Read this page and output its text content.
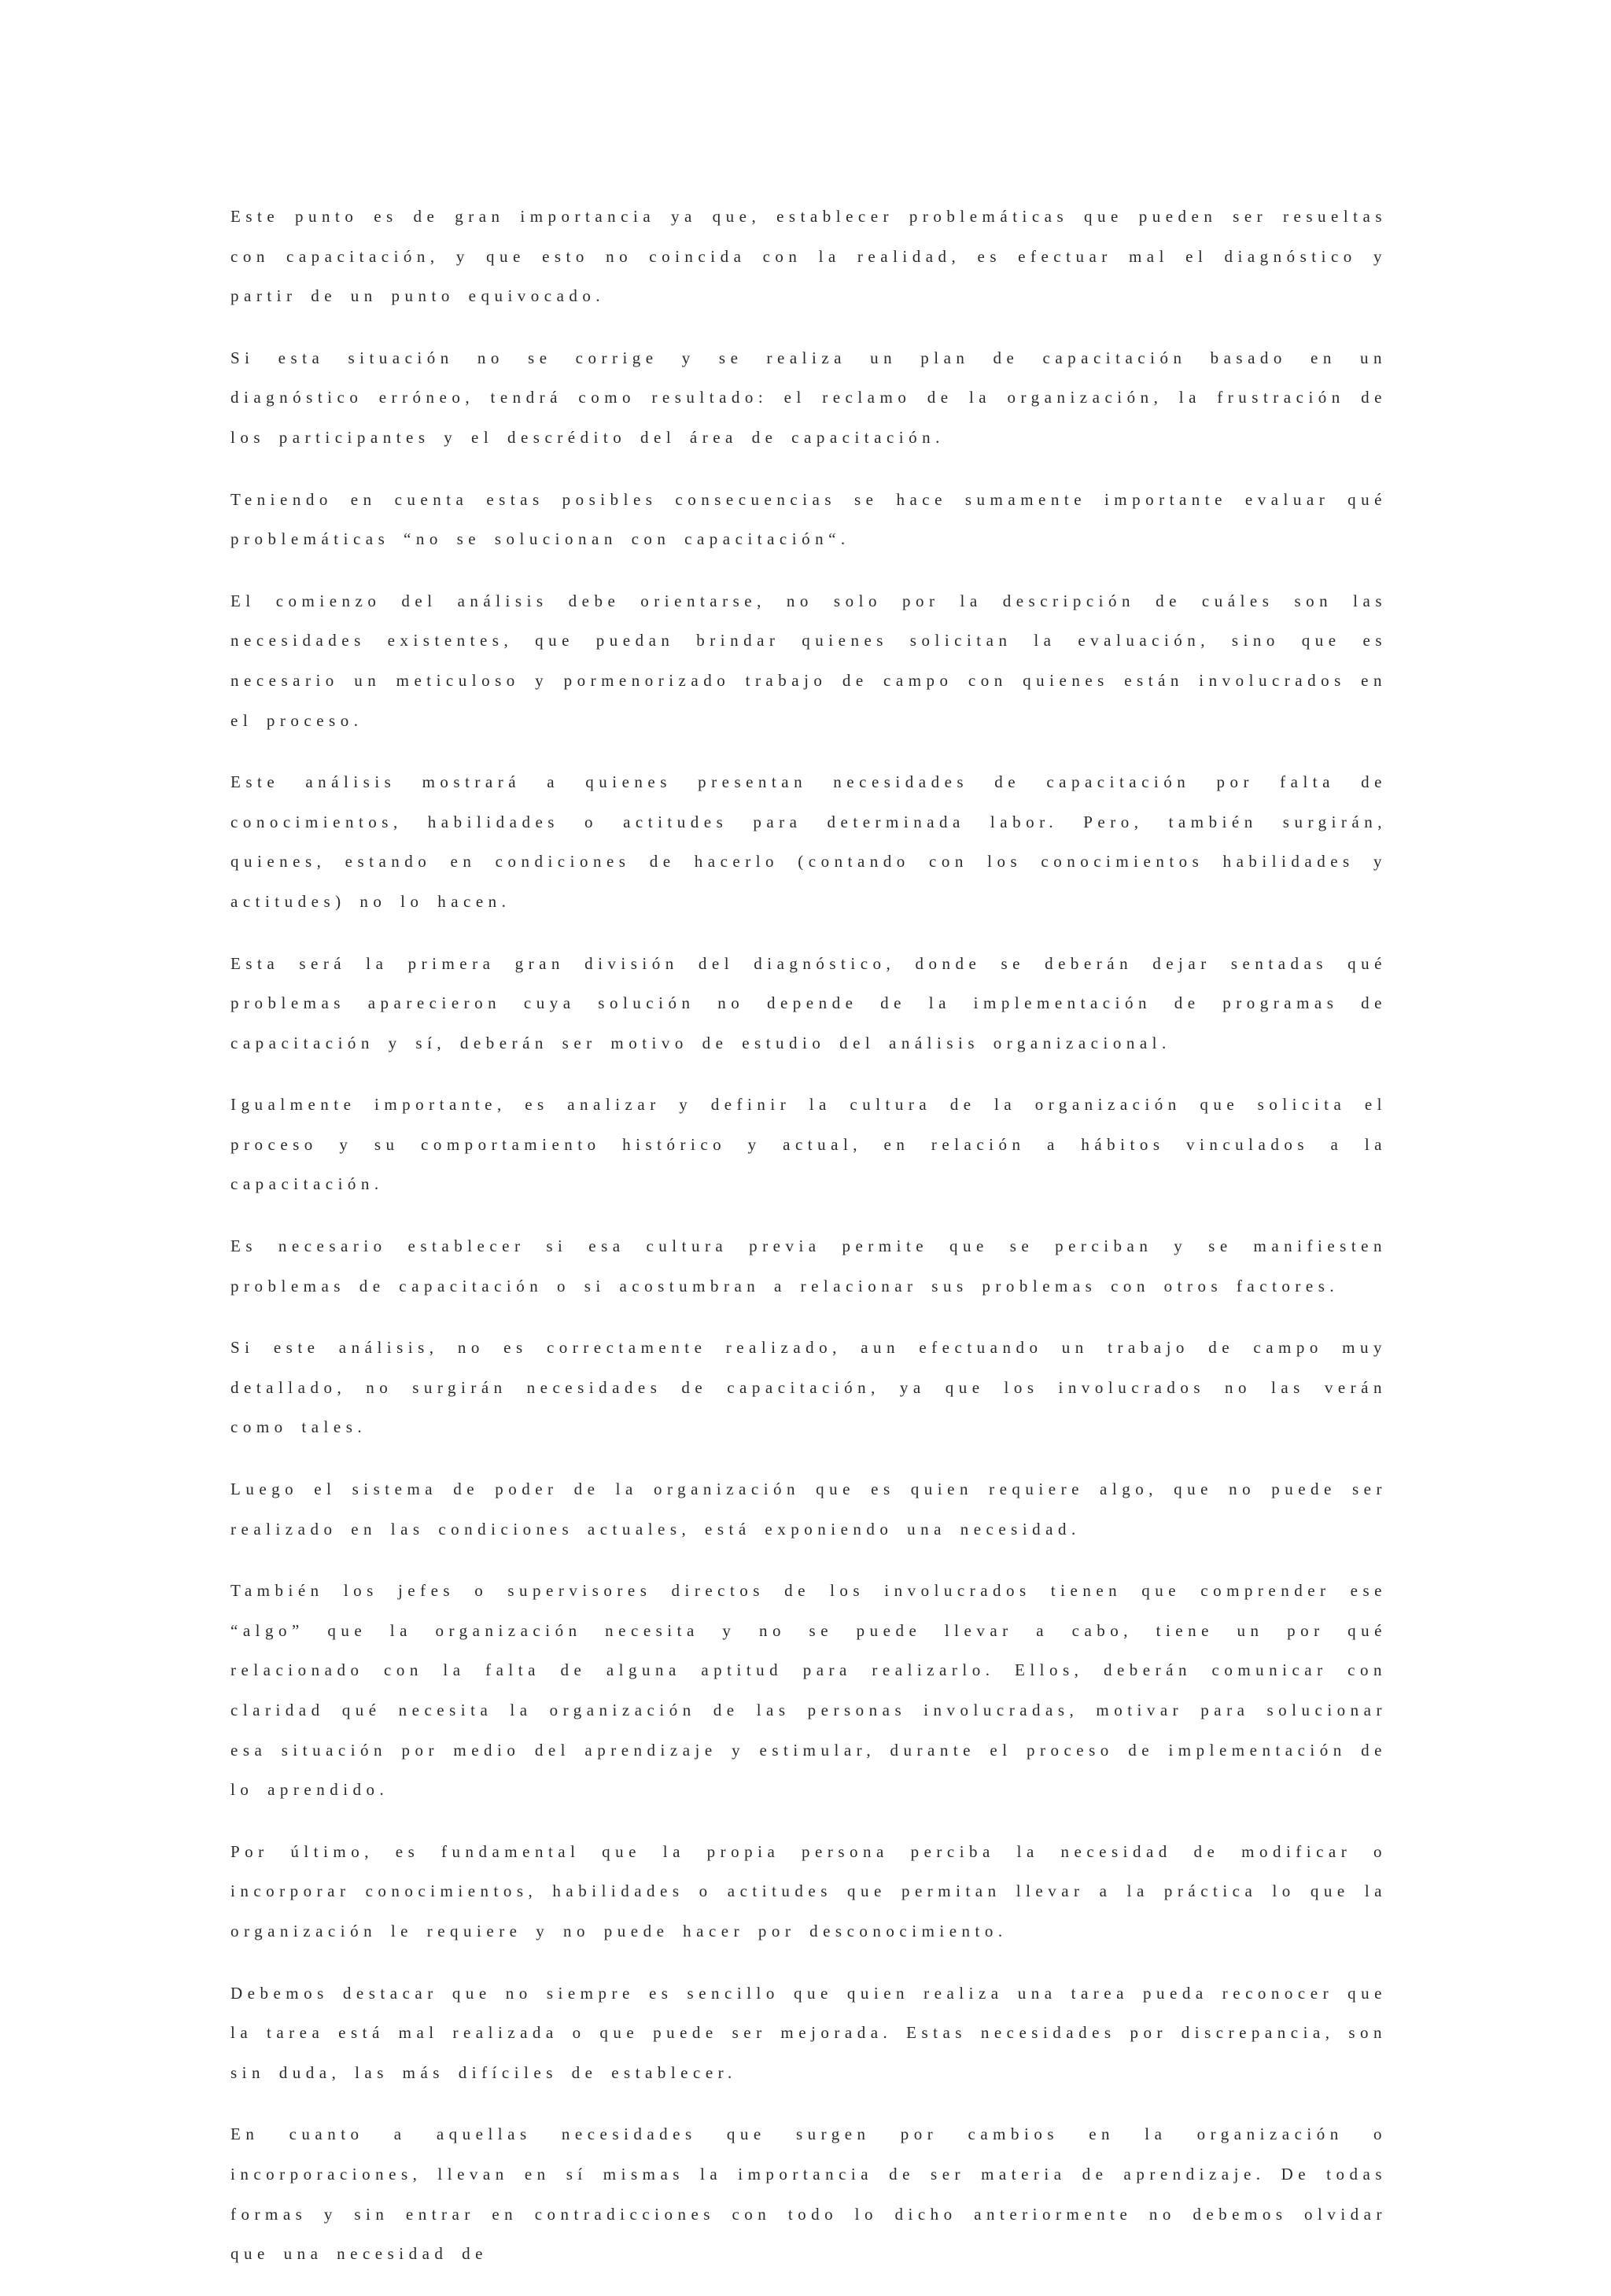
Este punto es de gran importancia ya que, establecer problemáticas que pueden ser resueltas con capacitación, y que esto no coincida con la realidad, es efectuar mal el diagnóstico y partir de un punto equivocado.

Si esta situación no se corrige y se realiza un plan de capacitación basado en un diagnóstico erróneo, tendrá como resultado: el reclamo de la organización, la frustración de los participantes y el descrédito del área de capacitación.

Teniendo en cuenta estas posibles consecuencias se hace sumamente importante evaluar qué problemáticas “no se solucionan con capacitación“.

El comienzo del análisis debe orientarse, no solo por la descripción de cuáles son las necesidades existentes, que puedan brindar quienes solicitan la evaluación, sino que es necesario un meticuloso y pormenorizado trabajo de campo con quienes están involucrados en el proceso.

Este análisis mostrará a quienes presentan necesidades de capacitación por falta de conocimientos, habilidades o actitudes para determinada labor. Pero, también surgirán, quienes, estando en condiciones de hacerlo (contando con los conocimientos habilidades y actitudes) no lo hacen.

Esta será la primera gran división del diagnóstico, donde se deberán dejar sentadas qué problemas aparecieron cuya solución no depende de la implementación de programas de capacitación y sí, deberán ser motivo de estudio del análisis organizacional.

Igualmente importante, es analizar y definir la cultura de la organización que solicita el proceso y su comportamiento histórico y actual, en relación a hábitos vinculados a la capacitación.

Es necesario establecer si esa cultura previa permite que se perciban y se manifiesten problemas de capacitación o si acostumbran a relacionar sus problemas con otros factores.

Si este análisis, no es correctamente realizado, aun efectuando un trabajo de campo muy detallado, no surgirán necesidades de capacitación, ya que los involucrados no las verán como tales.

Luego el sistema de poder de la organización que es quien requiere algo, que no puede ser realizado en las condiciones actuales, está exponiendo una necesidad.

También los jefes o supervisores directos de los involucrados tienen que comprender ese “algo” que la organización necesita y no se puede llevar a cabo, tiene un por qué relacionado con la falta de alguna aptitud para realizarlo. Ellos, deberán comunicar con claridad qué necesita la organización de las personas involucradas, motivar para solucionar esa situación por medio del aprendizaje y estimular, durante el proceso de implementación de lo aprendido.

Por último, es fundamental que la propia persona perciba la necesidad de modificar o incorporar conocimientos, habilidades o actitudes que permitan llevar a la práctica lo que la organización le requiere y no puede hacer por desconocimiento.

Debemos destacar que no siempre es sencillo que quien realiza una tarea pueda reconocer que la tarea está mal realizada o que puede ser mejorada. Estas necesidades por discrepancia, son sin duda, las más difíciles de establecer.

En cuanto a aquellas necesidades que surgen por cambios en la organización o incorporaciones, llevan en sí mismas la importancia de ser materia de aprendizaje. De todas formas y sin entrar en contradicciones con todo lo dicho anteriormente no debemos olvidar que una necesidad de
